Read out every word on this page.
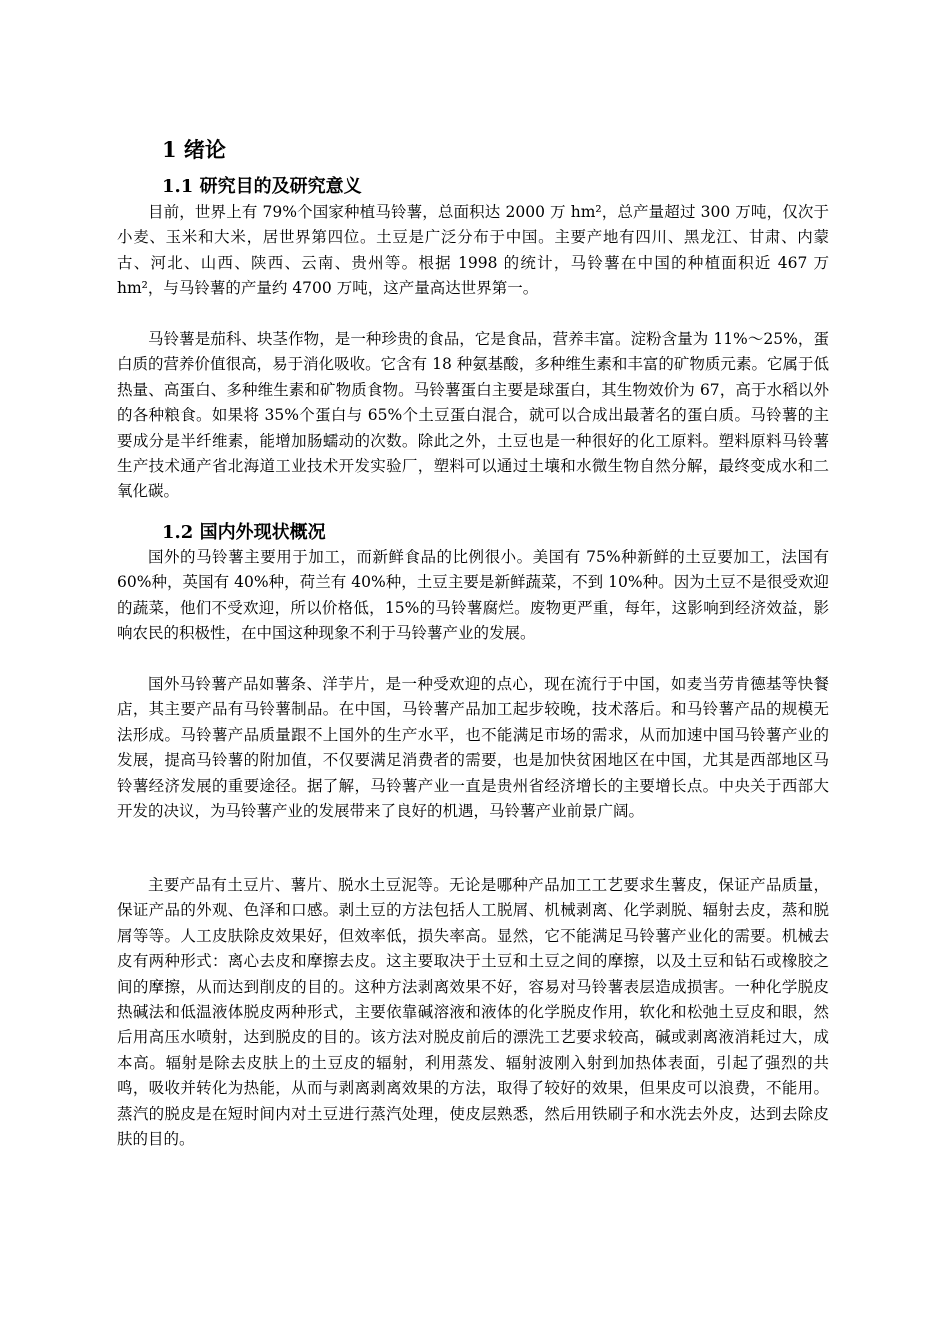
1 绪论
1.1 研究目的及研究意义

目前，世界上有 79%个国家种植马铃薯，总面积达 2000 万 hm²，总产量超过 300 万吨，仅次于小麦、玉米和大米，居世界第四位。土豆是广泛分布于中国。主要产地有四川、黑龙江、甘肃、内蒙古、河北、山西、陕西、云南、贵州等。根据 1998 的统计，马铃薯在中国的种植面积近 467 万 hm²，与马铃薯的产量约 4700 万吨，这产量高达世界第一。

马铃薯是茄科、块茎作物，是一种珍贵的食品，它是食品，营养丰富。淀粉含量为 11%～25%，蛋白质的营养价值很高，易于消化吸收。它含有 18 种氨基酸，多种维生素和丰富的矿物质元素。它属于低热量、高蛋白、多种维生素和矿物质食物。马铃薯蛋白主要是球蛋白，其生物效价为 67，高于水稻以外的各种粮食。如果将 35%个蛋白与 65%个土豆蛋白混合，就可以合成出最著名的蛋白质。马铃薯的主要成分是半纤维素，能增加肠蠕动的次数。除此之外，土豆也是一种很好的化工原料。塑料原料马铃薯生产技术通产省北海道工业技术开发实验厂，塑料可以通过土壤和水微生物自然分解，最终变成水和二氧化碳。

1.2 国内外现状概况

国外的马铃薯主要用于加工，而新鲜食品的比例很小。美国有 75%种新鲜的土豆要加工，法国有 60%种，英国有 40%种，荷兰有 40%种，土豆主要是新鲜蔬菜，不到 10%种。因为土豆不是很受欢迎的蔬菜，他们不受欢迎，所以价格低，15%的马铃薯腐烂。废物更严重，每年，这影响到经济效益，影响农民的积极性，在中国这种现象不利于马铃薯产业的发展。

国外马铃薯产品如薯条、洋芋片，是一种受欢迎的点心，现在流行于中国，如麦当劳肯德基等快餐店，其主要产品有马铃薯制品。在中国，马铃薯产品加工起步较晚，技术落后。和马铃薯产品的规模无法形成。马铃薯产品质量跟不上国外的生产水平，也不能满足市场的需求，从而加速中国马铃薯产业的发展，提高马铃薯的附加值，不仅要满足消费者的需要，也是加快贫困地区在中国，尤其是西部地区马铃薯经济发展的重要途径。据了解，马铃薯产业一直是贵州省经济增长的主要增长点。中央关于西部大开发的决议，为马铃薯产业的发展带来了良好的机遇，马铃薯产业前景广阔。

主要产品有土豆片、薯片、脱水土豆泥等。无论是哪种产品加工工艺要求生薯皮，保证产品质量，保证产品的外观、色泽和口感。剥土豆的方法包括人工脱屑、机械剥离、化学剥脱、辐射去皮，蒸和脱屑等等。人工皮肤除皮效果好，但效率低，损失率高。显然，它不能满足马铃薯产业化的需要。机械去皮有两种形式：离心去皮和摩擦去皮。这主要取决于土豆和土豆之间的摩擦，以及土豆和钻石或橡胶之间的摩擦，从而达到削皮的目的。这种方法剥离效果不好，容易对马铃薯表层造成损害。一种化学脱皮热碱法和低温液体脱皮两种形式，主要依靠碱溶液和液体的化学脱皮作用，软化和松弛土豆皮和眼，然后用高压水喷射，达到脱皮的目的。该方法对脱皮前后的漂洗工艺要求较高，碱或剥离液消耗过大，成本高。辐射是除去皮肤上的土豆皮的辐射，利用蒸发、辐射波刚入射到加热体表面，引起了强烈的共鸣，吸收并转化为热能，从而与剥离剥离效果的方法，取得了较好的效果，但果皮可以浪费，不能用。蒸汽的脱皮是在短时间内对土豆进行蒸汽处理，使皮层熟悉，然后用铁刷子和水洗去外皮，达到去除皮肤的目的。
